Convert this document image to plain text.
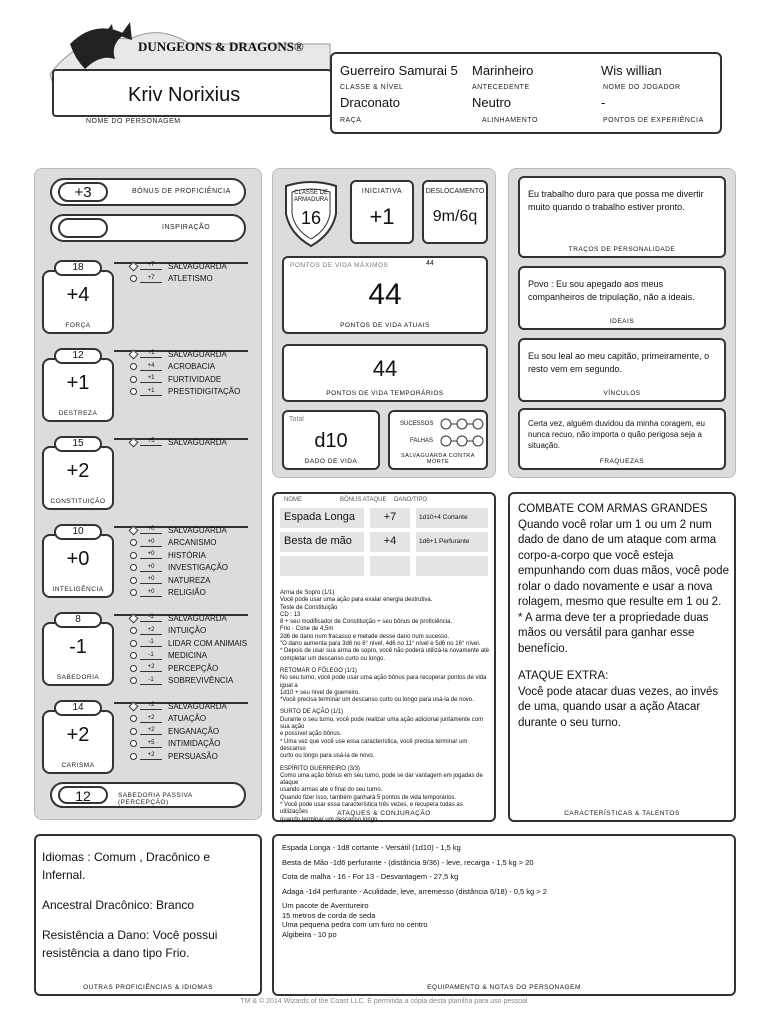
DUNGEONS & DRAGONS®
Kriv Norixius
NOME DO PERSONAGEM
Guerreiro Samurai 5
CLASSE & NÍVEL
Marinheiro
ANTECEDENTE
Wis willian
NOME DO JOGADOR
Draconato
RAÇA
Neutro
ALINHAMENTO
-
PONTOS DE EXPERIÊNCIA
+3	BÔNUS DE PROFICIÊNCIA
INSPIRAÇÃO
18
+4
FORÇA
+7	SALVAGUARDA
+7	ATLETISMO
12
+1
DESTREZA
+1	SALVAGUARDA
+4	ACROBACIA
+1	FURTIVIDADE
+1	PRESTIDIGITAÇÃO
15
+2
CONSTITUIÇÃO
+5	SALVAGUARDA
10
+0
INTELIGÊNCIA
+0	SALVAGUARDA
+0	ARCANISMO
+0	HISTÓRIA
+0	INVESTIGAÇÃO
+0	NATUREZA
+0	RELIGIÃO
8
-1
SABEDORIA
-1	SALVAGUARDA
+2	INTUIÇÃO
-1	LIDAR COM ANIMAIS
-1	MEDICINA
+2	PERCEPÇÃO
-1	SOBREVIVÊNCIA
14
+2
CARISMA
+2	SALVAGUARDA
+2	ATUAÇÃO
+2	ENGANAÇÃO
+5	INTIMIDAÇÃO
+2	PERSUASÃO
12	SABEDORIA PASSIVA (PERCEPÇÃO)
CLASSE DE ARMADURA
16
INICIATIVA
+1
DESLOCAMENTO
9m/6q
PONTOS DE VIDA MÁXIMOS	44
44
PONTOS DE VIDA ATUAIS
44
PONTOS DE VIDA TEMPORÁRIOS
Total
d10
DADO DE VIDA
SUCESSOS
FALHAS
SALVAGUARDA CONTRA MORTE
Eu trabalho duro para que possa me divertir muito quando o trabalho estiver pronto.
TRAÇOS DE PERSONALIDADE
Povo : Eu sou apegado aos meus companheiros de tripulação, não a ideais.
IDEAIS
Eu sou leal ao meu capitão, primeiramente, o resto vem em segundo.
VÍNCULOS
Certa vez, alguém duvidou da minha coragem, eu nunca recuo, não importa o quão perigosa seja a situação.
FRAQUEZAS
NOME	BÔNUS ATAQUE DANO/TIPO
Espada Longa	+7	1d10+4 Cortante
Besta de mão	+4	1d6+1 Perfurante
Arma de Sopro (1/1)
Você pode usar uma ação para exalar energia destrutiva.
Teste de Constituição
CD : 13
8 + seu modificador de Constituição + seu bônus de proficiência.
Frio - Cone de 4,5m
2d6 de dano num fracasso e metade desse dano num sucesso.
"O dano aumenta para 3d6 no 6° nível, 4d6 no 11° nível e 5d6 no 16° nível.
* Depois de usar sua arma de sopro, você não poderá utilizá-la novamente até
completar um descanso curto ou longo.
RETOMAR O FÔLEGO (1/1)
No seu turno, você pode usar uma ação bônus para recuperar pontos de vida igual a
1d10 + seu nível de guerreiro.
*Você precisa terminar um descanso curto ou longo para usá-la de novo.
SURTO DE AÇÃO (1/1)
Durante o seu turno, você pode realizar uma ação adicional juntamente com sua ação
e possível ação bônus.
* Uma vez que você use essa característica, você precisa terminar um descanso
curto ou longo para usá-la de novo.
ESPÍRITO GUERREIRO (3/3)
Como uma ação bônus em seu turno, pode se dar vantagem em jogadas de ataque
usando armas até o final do seu turno.
Quando fizer isso, também ganhará 5 pontos de vida temporários.
* Você pode usar essa característica três vezes, e recupera todas as utilizações
quando terminar um descanso longo.
ATAQUES & CONJURAÇÃO
COMBATE COM ARMAS GRANDES
Quando você rolar um 1 ou um 2 num dado de dano de um ataque com arma corpo-a-corpo que você esteja empunhando com duas mãos, você pode rolar o dado novamente e usar a nova rolagem, mesmo que resulte em 1 ou 2.
* A arma deve ter a propriedade duas mãos ou versátil para ganhar esse benefício.
ATAQUE EXTRA:
Você pode atacar duas vezes, ao invés de uma, quando usar a ação Atacar durante o seu turno.
CARACTERÍSTICAS & TALENTOS
Idiomas : Comum , Dracônico e Infernal.
Ancestral Dracônico: Branco
Resistência a Dano: Você possui resistência a dano tipo Frio.
OUTRAS PROFICIÊNCIAS & IDIOMAS
Espada Longa - 1d8 cortante - Versátil (1d10) - 1,5 kg
Besta de Mão -1d6 perfurante - (distância 9/36) - leve, recarga - 1,5 kg > 20
Cota de malha - 16 - For 13 - Desvantagem - 27,5 kg
Adaga -1d4 perfurante - Aculidade, leve, arremesso (distância 6/18) - 0,5 kg > 2
Um pacote de Aventureiro
15 metros de corda de seda
Uma pequena pedra com um furo no centro
Algibeira - 10 po
EQUIPAMENTO & NOTAS DO PERSONAGEM
TM & © 2014 Wizards of the Coast LLC. É permitida a cópia desta planilha para uso pessoal
